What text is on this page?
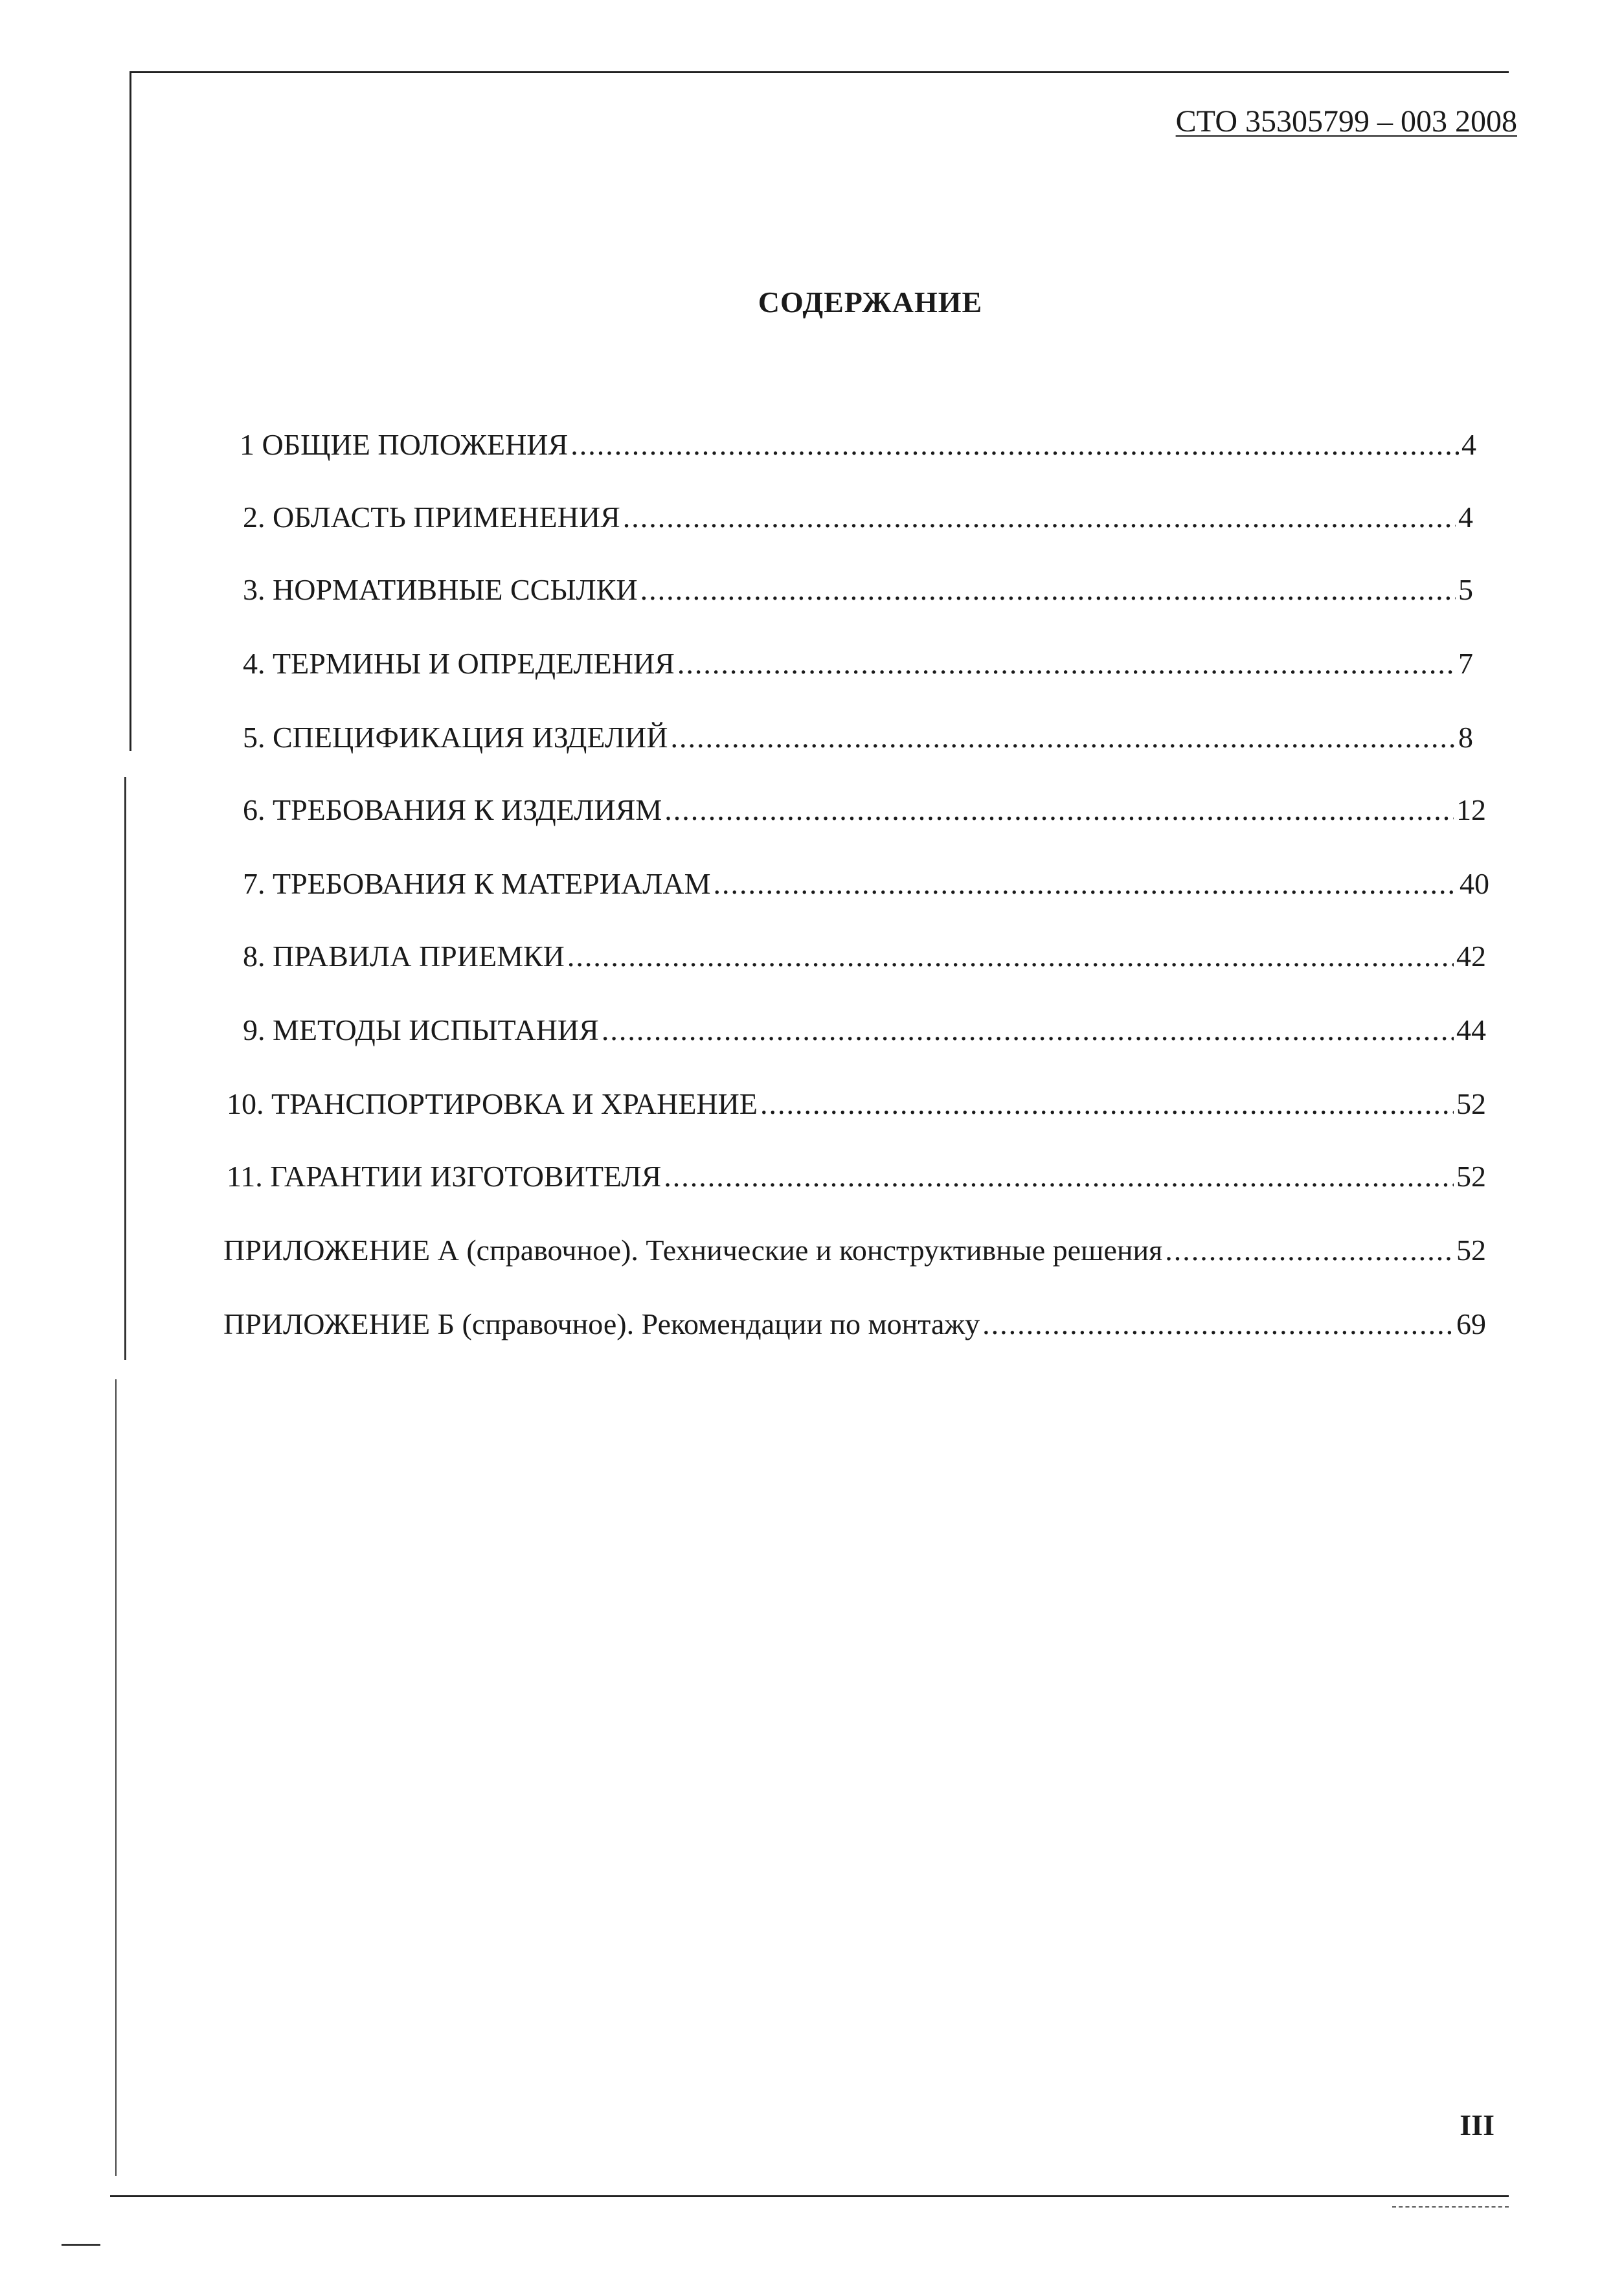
СТО 35305799 – 003 2008
СОДЕРЖАНИЕ
1 ОБЩИЕ ПОЛОЖЕНИЯ .....	4
2. ОБЛАСТЬ ПРИМЕНЕНИЯ .....	4
3. НОРМАТИВНЫЕ ССЫЛКИ .....	5
4. ТЕРМИНЫ И ОПРЕДЕЛЕНИЯ .....	7
5. СПЕЦИФИКАЦИЯ ИЗДЕЛИЙ .....	8
6. ТРЕБОВАНИЯ К ИЗДЕЛИЯМ .....	12
7. ТРЕБОВАНИЯ К МАТЕРИАЛАМ .....	40
8. ПРАВИЛА ПРИЕМКИ .....	42
9. МЕТОДЫ ИСПЫТАНИЯ .....	44
10. ТРАНСПОРТИРОВКА И ХРАНЕНИЕ .....	52
11. ГАРАНТИИ ИЗГОТОВИТЕЛЯ .....	52
ПРИЛОЖЕНИЕ А (справочное). Технические и конструктивные решения .....	52
ПРИЛОЖЕНИЕ Б (справочное). Рекомендации по монтажу .....	69
III
